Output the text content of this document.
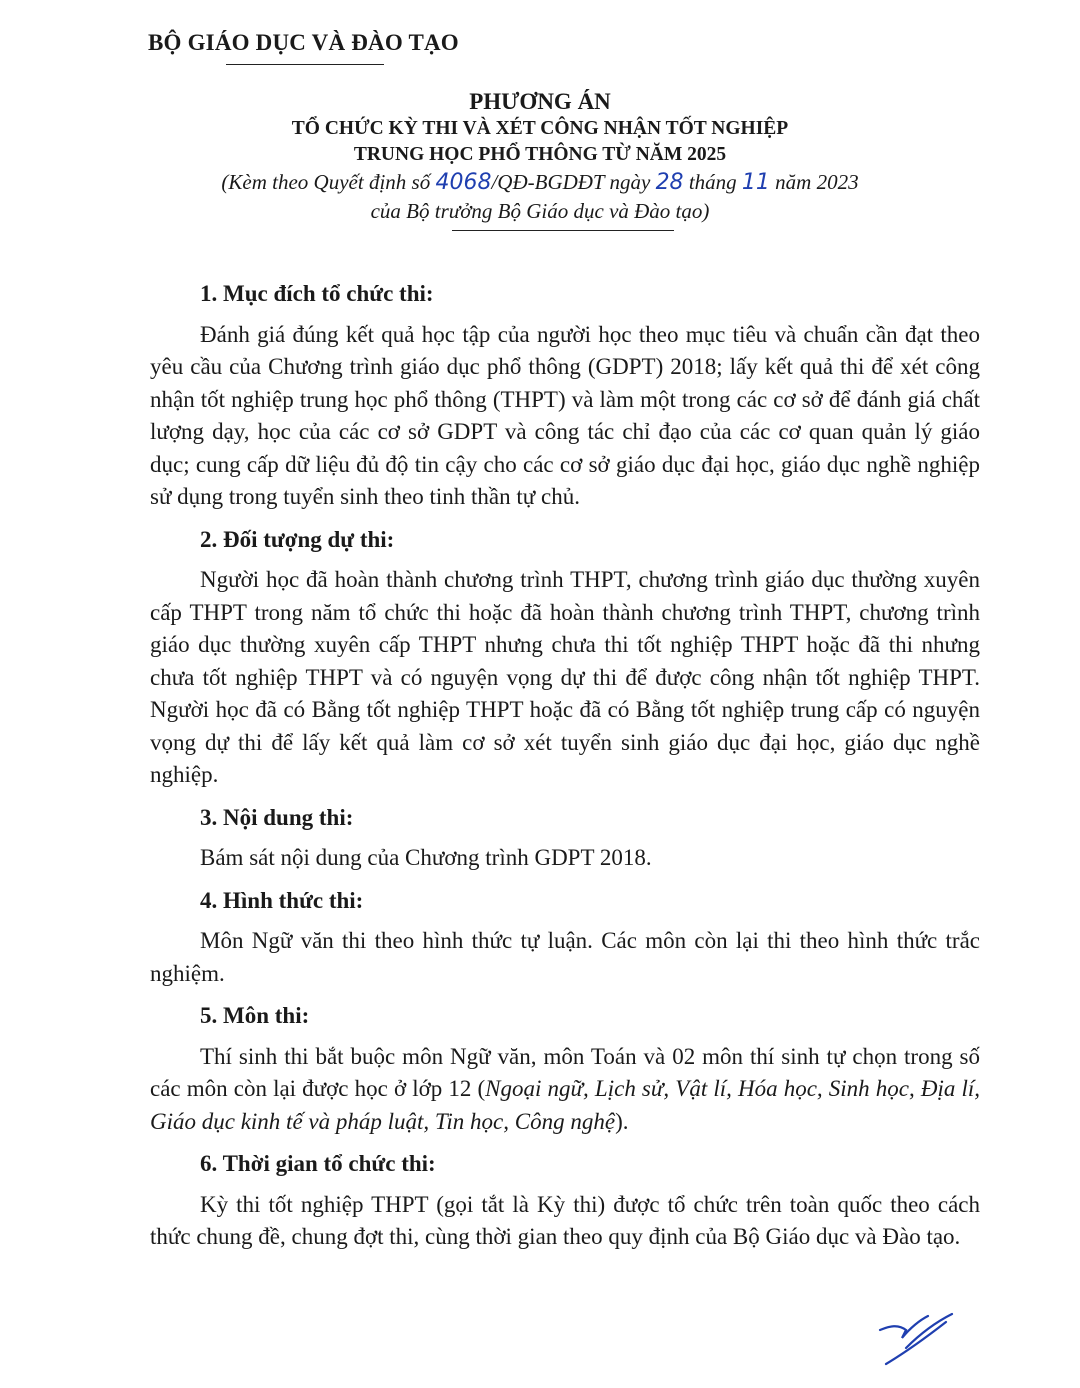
BỘ GIÁO DỤC VÀ ĐÀO TẠO
PHƯƠNG ÁN
TỔ CHỨC KỲ THI VÀ XÉT CÔNG NHẬN TỐT NGHIỆP
TRUNG HỌC PHỔ THÔNG TỪ NĂM 2025
(Kèm theo Quyết định số 4068/QĐ-BGDĐT ngày 28 tháng 11 năm 2023
của Bộ trưởng Bộ Giáo dục và Đào tạo)
1. Mục đích tổ chức thi:

Đánh giá đúng kết quả học tập của người học theo mục tiêu và chuẩn cần đạt theo yêu cầu của Chương trình giáo dục phổ thông (GDPT) 2018; lấy kết quả thi để xét công nhận tốt nghiệp trung học phổ thông (THPT) và làm một trong các cơ sở để đánh giá chất lượng dạy, học của các cơ sở GDPT và công tác chỉ đạo của các cơ quan quản lý giáo dục; cung cấp dữ liệu đủ độ tin cậy cho các cơ sở giáo dục đại học, giáo dục nghề nghiệp sử dụng trong tuyển sinh theo tinh thần tự chủ.

2. Đối tượng dự thi:

Người học đã hoàn thành chương trình THPT, chương trình giáo dục thường xuyên cấp THPT trong năm tổ chức thi hoặc đã hoàn thành chương trình THPT, chương trình giáo dục thường xuyên cấp THPT nhưng chưa thi tốt nghiệp THPT hoặc đã thi nhưng chưa tốt nghiệp THPT và có nguyện vọng dự thi để được công nhận tốt nghiệp THPT. Người học đã có Bằng tốt nghiệp THPT hoặc đã có Bằng tốt nghiệp trung cấp có nguyện vọng dự thi để lấy kết quả làm cơ sở xét tuyển sinh giáo dục đại học, giáo dục nghề nghiệp.

3. Nội dung thi:

Bám sát nội dung của Chương trình GDPT 2018.

4. Hình thức thi:

Môn Ngữ văn thi theo hình thức tự luận. Các môn còn lại thi theo hình thức trắc nghiệm.

5. Môn thi:

Thí sinh thi bắt buộc môn Ngữ văn, môn Toán và 02 môn thí sinh tự chọn trong số các môn còn lại được học ở lớp 12 (Ngoại ngữ, Lịch sử, Vật lí, Hóa học, Sinh học, Địa lí, Giáo dục kinh tế và pháp luật, Tin học, Công nghệ).

6. Thời gian tổ chức thi:

Kỳ thi tốt nghiệp THPT (gọi tắt là Kỳ thi) được tổ chức trên toàn quốc theo cách thức chung đề, chung đợt thi, cùng thời gian theo quy định của Bộ Giáo dục và Đào tạo.
